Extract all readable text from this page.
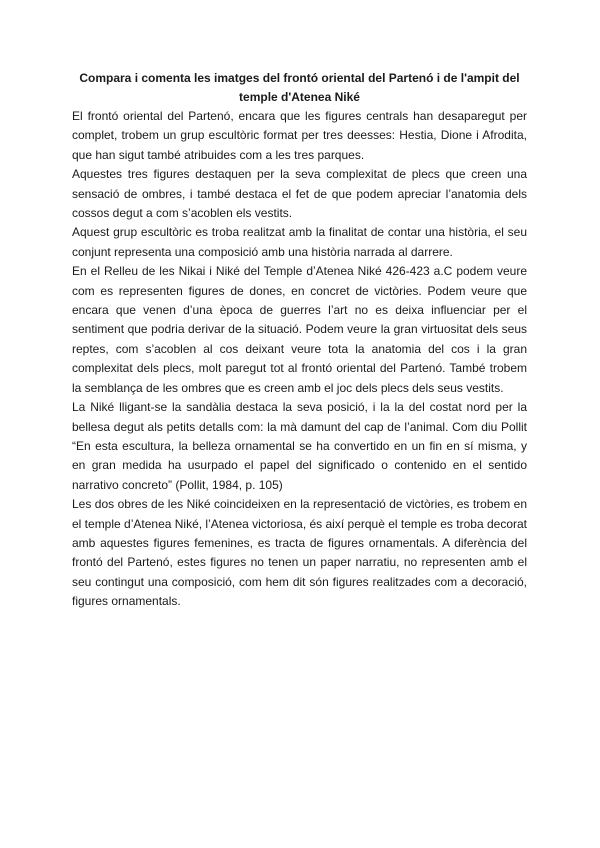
Compara i comenta les imatges del frontó oriental del Partenó i de l'ampit del temple d'Atenea Niké

El frontó oriental del Partenó, encara que les figures centrals han desaparegut per complet, trobem un grup escultòric format per tres deesses: Hestia, Dione i Afrodita, que han sigut també atribuides com a les tres parques.

Aquestes tres figures destaquen per la seva complexitat de plecs que creen una sensació de ombres, i també destaca el fet de que podem apreciar l’anatomia dels cossos degut a com s’acoblen els vestits.

Aquest grup escultòric es troba realitzat amb la finalitat de contar una història, el seu conjunt representa una composició amb una història narrada al darrere.

En el Relleu de les Nikai i Niké del Temple d’Atenea Niké 426-423 a.C podem veure com es representen figures de dones, en concret de victòries. Podem veure que encara que venen d’una època de guerres l’art no es deixa influenciar per el sentiment que podria derivar de la situació. Podem veure la gran virtuositat dels seus reptes, com s’acoblen al cos deixant veure tota la anatomia del cos i la gran complexitat dels plecs, molt paregut tot al frontó oriental del Partenó. També trobem la semblança de les ombres que es creen amb el joc dels plecs dels seus vestits.

La Niké lligant-se la sandàlia destaca la seva posició, i la la del costat nord per la bellesa degut als petits detalls com: la mà damunt del cap de l’animal. Com diu Pollit “En esta escultura, la belleza ornamental se ha convertido en un fin en sí misma, y en gran medida ha usurpado el papel del significado o contenido en el sentido narrativo concreto” (Pollit, 1984, p. 105)

Les dos obres de les Niké coincideixen en la representació de victòries, es trobem en el temple d’Atenea Niké, l’Atenea victoriosa, és així perquè el temple es troba decorat amb aquestes figures femenines, es tracta de figures ornamentals. A diferència del frontó del Partenó, estes figures no tenen un paper narratiu, no representen amb el seu contingut una composició, com hem dit són figures realitzades com a decoració, figures ornamentals.
